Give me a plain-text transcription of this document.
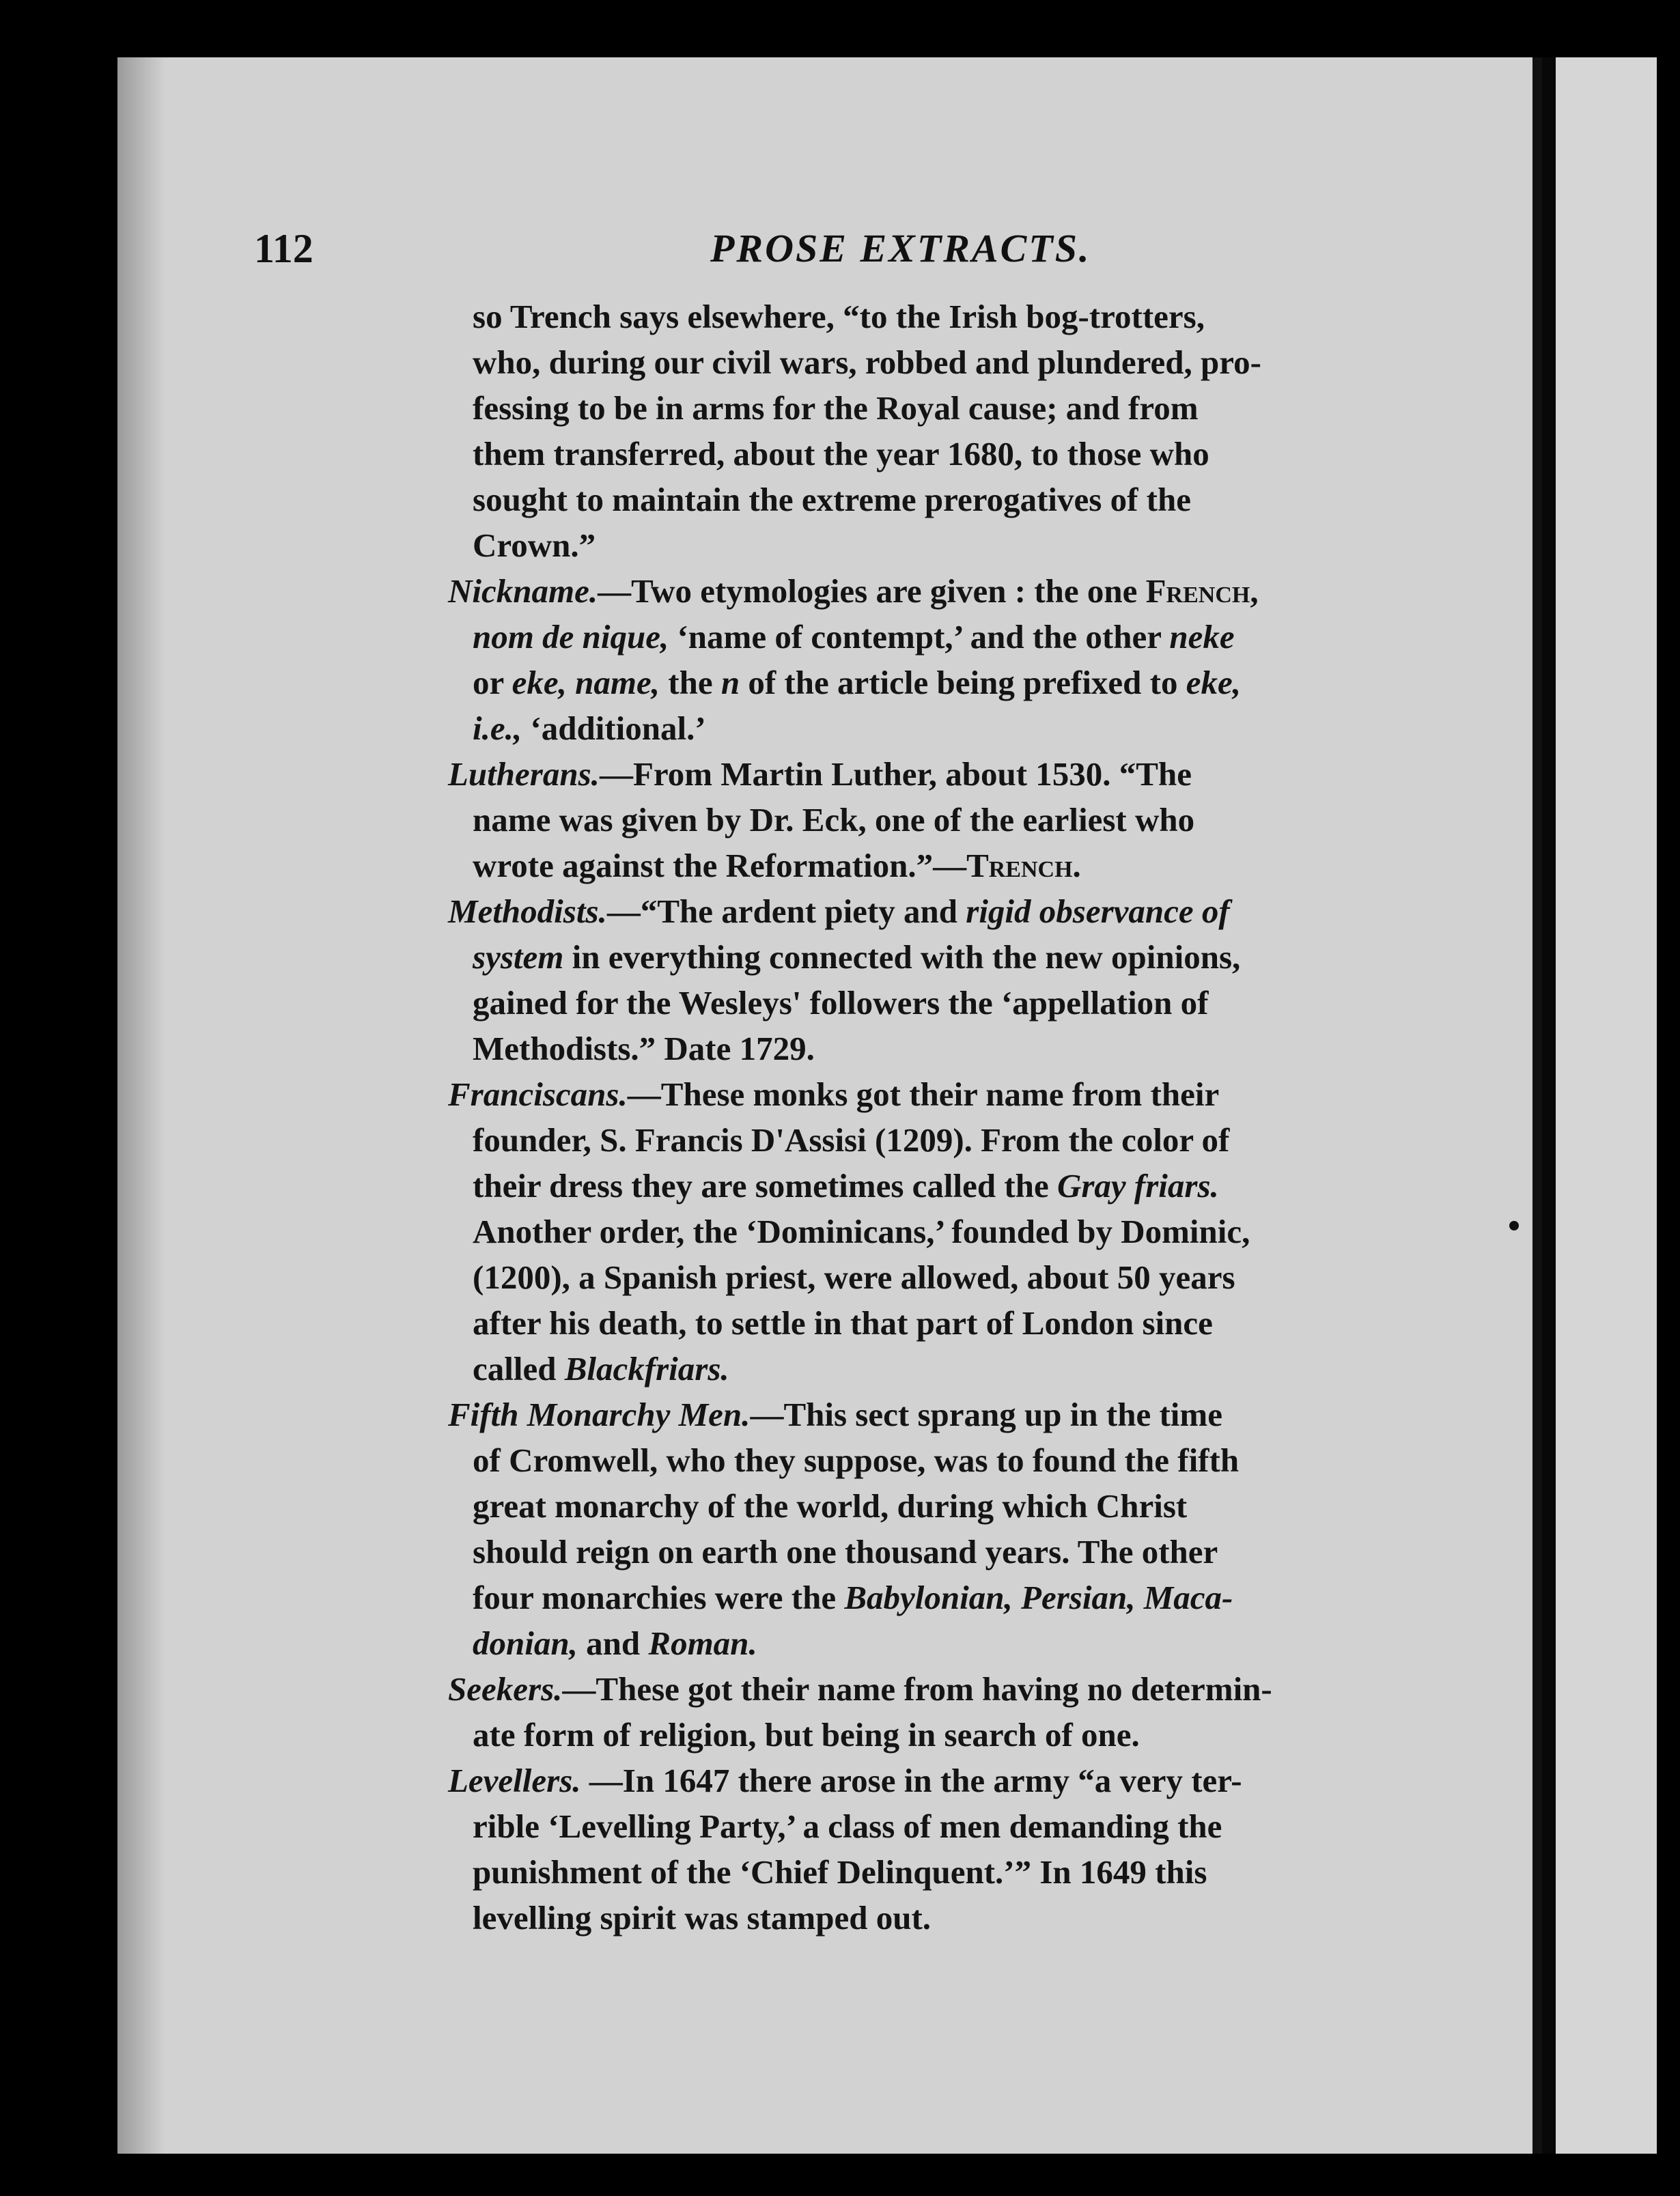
112	PROSE EXTRACTS.
so Trench says elsewhere, “to the Irish bog-trotters,
who, during our civil wars, robbed and plundered, pro-
fessing to be in arms for the Royal cause; and from
them transferred, about the year 1680, to those who
sought to maintain the extreme prerogatives of the
Crown.”
Nickname.—Two etymologies are given : the one French,
nom de nique, ‘name of contempt,’ and the other neke
or eke, name, the n of the article being prefixed to eke,
i.e., ‘additional.’
Lutherans.—From Martin Luther, about 1530. “The
name was given by Dr. Eck, one of the earliest who
wrote against the Reformation.”—Trench.
Methodists.—“The ardent piety and rigid observance of
system in everything connected with the new opinions,
gained for the Wesleys' followers the ‘appellation of
Methodists.” Date 1729.
Franciscans.—These monks got their name from their
founder, S. Francis D'Assisi (1209). From the color of
their dress they are sometimes called the Gray friars.
Another order, the ‘Dominicans,’ founded by Dominic,
(1200), a Spanish priest, were allowed, about 50 years
after his death, to settle in that part of London since
called Blackfriars.
Fifth Monarchy Men.—This sect sprang up in the time
of Cromwell, who they suppose, was to found the fifth
great monarchy of the world, during which Christ
should reign on earth one thousand years. The other
four monarchies were the Babylonian, Persian, Maca-
donian, and Roman.
Seekers.—These got their name from having no determin-
ate form of religion, but being in search of one.
Levellers. —In 1647 there arose in the army “a very ter-
rible ‘Levelling Party,’ a class of men demanding the
punishment of the ‘Chief Delinquent.’” In 1649 this
levelling spirit was stamped out.
